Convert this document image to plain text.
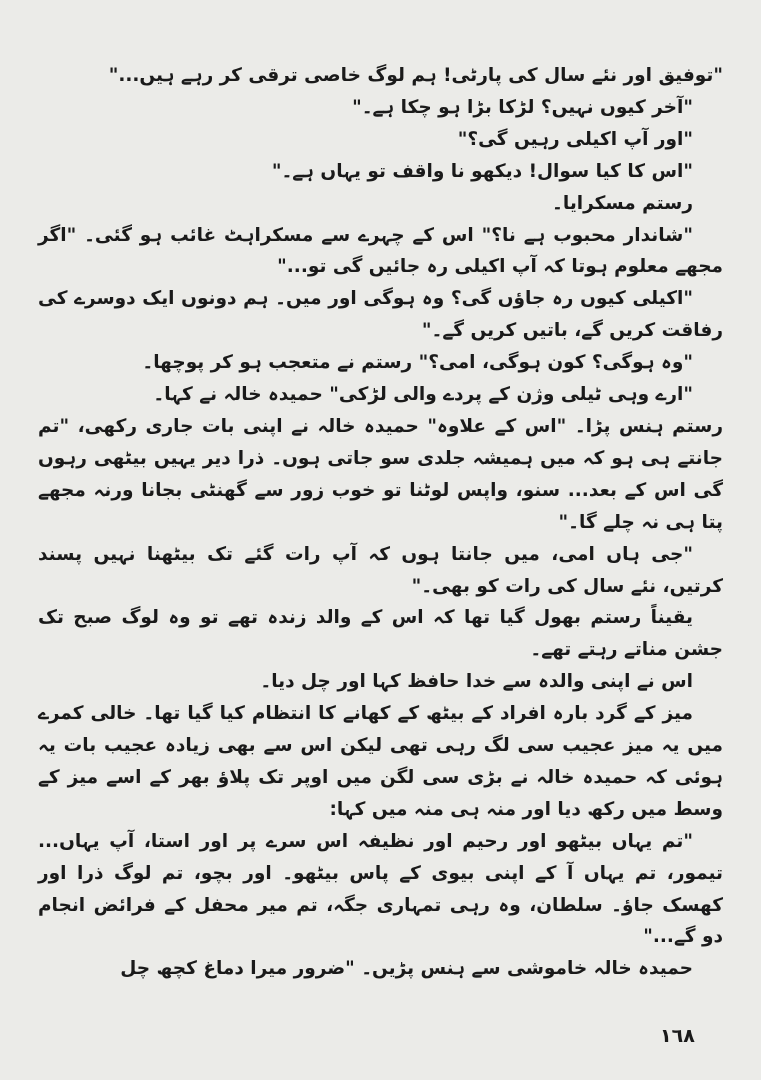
"توفیق اور نئے سال کی پارٹی! ہم لوگ خاصی ترقی کر رہے ہیں..."

"آخر کیوں نہیں؟ لڑکا بڑا ہو چکا ہے۔"

"اور آپ اکیلی رہیں گی؟"

"اس کا کیا سوال! دیکھو نا واقف تو یہاں ہے۔"

رستم مسکرایا۔

"شاندار محبوب ہے نا؟" اس کے چہرے سے مسکراہٹ غائب ہو گئی۔ "اگر مجھے معلوم ہوتا کہ آپ اکیلی رہ جائیں گی تو..."

"اکیلی کیوں رہ جاؤں گی؟ وہ ہوگی اور میں۔ ہم دونوں ایک دوسرے کی رفاقت کریں گے، باتیں کریں گے۔"

"وہ ہوگی؟ کون ہوگی، امی؟" رستم نے متعجب ہو کر پوچھا۔

"ارے وہی ٹیلی وژن کے پردے والی لڑکی" حمیدہ خالہ نے کہا۔

رستم ہنس پڑا۔ "اس کے علاوہ" حمیدہ خالہ نے اپنی بات جاری رکھی، "تم جانتے ہی ہو کہ میں ہمیشہ جلدی سو جاتی ہوں۔ ذرا دیر یہیں بیٹھی رہوں گی اس کے بعد... سنو، واپس لوٹنا تو خوب زور سے گھنٹی بجانا ورنہ مجھے پتا ہی نہ چلے گا۔"

"جی ہاں امی، میں جانتا ہوں کہ آپ رات گئے تک بیٹھنا نہیں پسند کرتیں، نئے سال کی رات کو بھی۔"

یقیناً رستم بھول گیا تھا کہ اس کے والد زندہ تھے تو وہ لوگ صبح تک جشن مناتے رہتے تھے۔

اس نے اپنی والدہ سے خدا حافظ کہا اور چل دیا۔

میز کے گرد بارہ افراد کے بیٹھ کے کھانے کا انتظام کیا گیا تھا۔ خالی کمرے میں یہ میز عجیب سی لگ رہی تھی لیکن اس سے بھی زیادہ عجیب بات یہ ہوئی کہ حمیدہ خالہ نے بڑی سی لگن میں اوپر تک پلاؤ بھر کے اسے میز کے وسط میں رکھ دیا اور منہ ہی منہ میں کہا:

"تم یہاں بیٹھو اور رحیم اور نظیفہ اس سرے پر اور استا، آپ یہاں... تیمور، تم یہاں آ کے اپنی بیوی کے پاس بیٹھو۔ اور بچو، تم لوگ ذرا اور کھسک جاؤ۔ سلطان، وہ رہی تمہاری جگہ، تم میر محفل کے فرائض انجام دو گے..."

حمیدہ خالہ خاموشی سے ہنس پڑیں۔ "ضرور میرا دماغ کچھ چل

١٦٨
